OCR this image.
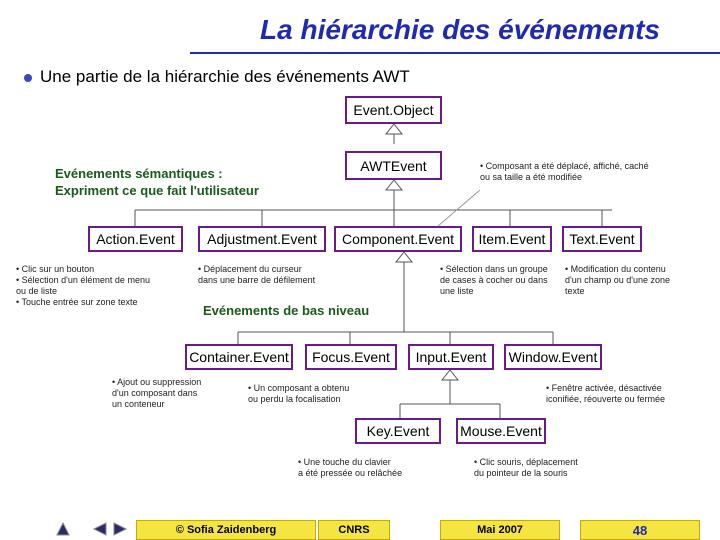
La hiérarchie des événements
Une partie de la hiérarchie des événements AWT
Event.Object
AWTEvent
Action.Event	Adjustment.Event	Component.Event	Item.Event	Text.Event
Container.Event	Focus.Event	Input.Event	Window.Event
Key.Event	Mouse.Event
Evénements sémantiques :
Expriment ce que fait l'utilisateur
Evénements de bas niveau
• Composant a été déplacé, affiché, caché
ou sa taille a été modifiée
• Clic sur un bouton
• Sélection d'un élément de menu
ou de liste
• Touche entrée sur zone texte
• Déplacement du curseur
dans une barre de défilement
• Sélection dans un groupe
de cases à cocher ou dans
une liste
• Modification du contenu
d'un champ ou d'une zone
texte
• Ajout ou suppression
d'un composant dans
un conteneur
• Un composant a obtenu
ou perdu la focalisation
• Fenêtre activée, désactivée
iconifiée, réouverte ou fermée
• Une touche du clavier
a été pressée ou relâchée
• Clic souris, déplacement
du pointeur de la souris
© Sofia Zaidenberg	CNRS	Mai 2007	48
